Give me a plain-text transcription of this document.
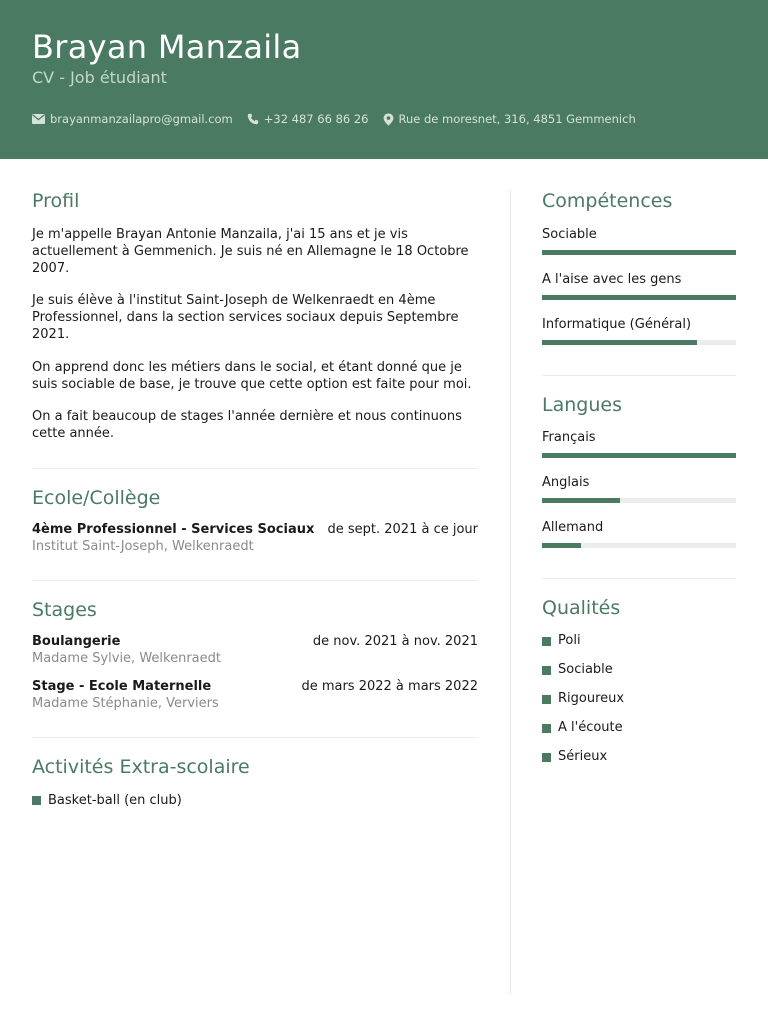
Brayan Manzaila
CV - Job étudiant
brayanmanzailapro@gmail.com	+32 487 66 86 26	Rue de moresnet, 316, 4851 Gemmenich
Profil

Je m'appelle Brayan Antonie Manzaila, j'ai 15 ans et je vis actuellement à Gemmenich. Je suis né en Allemagne le 18 Octobre 2007.

Je suis élève à l'institut Saint-Joseph de Welkenraedt en 4ème Professionnel, dans la section services sociaux depuis Septembre 2021.

On apprend donc les métiers dans le social, et étant donné que je suis sociable de base, je trouve que cette option est faite pour moi.

On a fait beaucoup de stages l'année dernière et nous continuons cette année.

Ecole/Collège
4ème Professionnel - Services Sociaux de sept. 2021 à ce jour
Institut Saint-Joseph, Welkenraedt
Stages
Boulangerie	de nov. 2021 à nov. 2021
Madame Sylvie, Welkenraedt
Stage - Ecole Maternelle	de mars 2022 à mars 2022
Madame Stéphanie, Verviers
Activités Extra-scolaire
Basket-ball (en club)
Compétences
Sociable
A l'aise avec les gens
Informatique (Général)
Langues
Français
Anglais
Allemand
Qualités
Poli
Sociable
Rigoureux
A l'écoute
Sérieux
